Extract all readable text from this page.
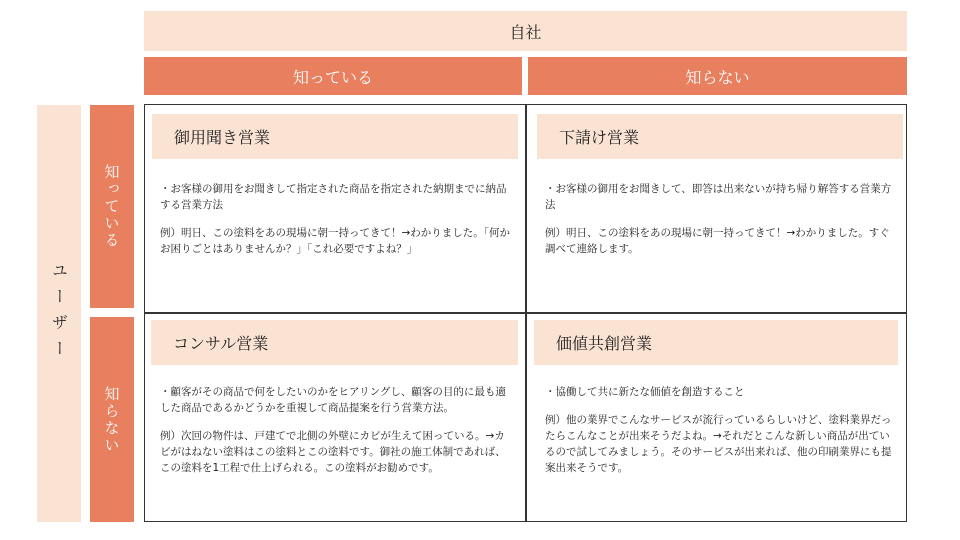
自社
知っている	知らない
ユーザー
知っている
知らない
御用聞き営業

・お客様の御用をお聞きして指定された商品を指定された納期までに納品する営業方法

例）明日、この塗料をあの現場に朝一持ってきて！→わかりました。「何かお困りごとはありませんか？」「これ必要ですよね？」

下請け営業

・お客様の御用をお聞きして、即答は出来ないが持ち帰り解答する営業方法

例）明日、この塗料をあの現場に朝一持ってきて！→わかりました。すぐ調べて連絡します。

コンサル営業

・顧客がその商品で何をしたいのかをヒアリングし、顧客の目的に最も適した商品であるかどうかを重視して商品提案を行う営業方法。

例）次回の物件は、戸建てで北側の外壁にカビが生えて困っている。→カビがはねない塗料はこの塗料とこの塗料です。御社の施工体制であれば、この塗料を1工程で仕上げられる。この塗料がお勧めです。

価値共創営業

・協働して共に新たな価値を創造すること

例）他の業界でこんなサービスが流行っているらしいけど、塗料業界だったらこんなことが出来そうだよね。→それだとこんな新しい商品が出ているので試してみましょう。そのサービスが出来れば、他の印刷業界にも提案出来そうです。
